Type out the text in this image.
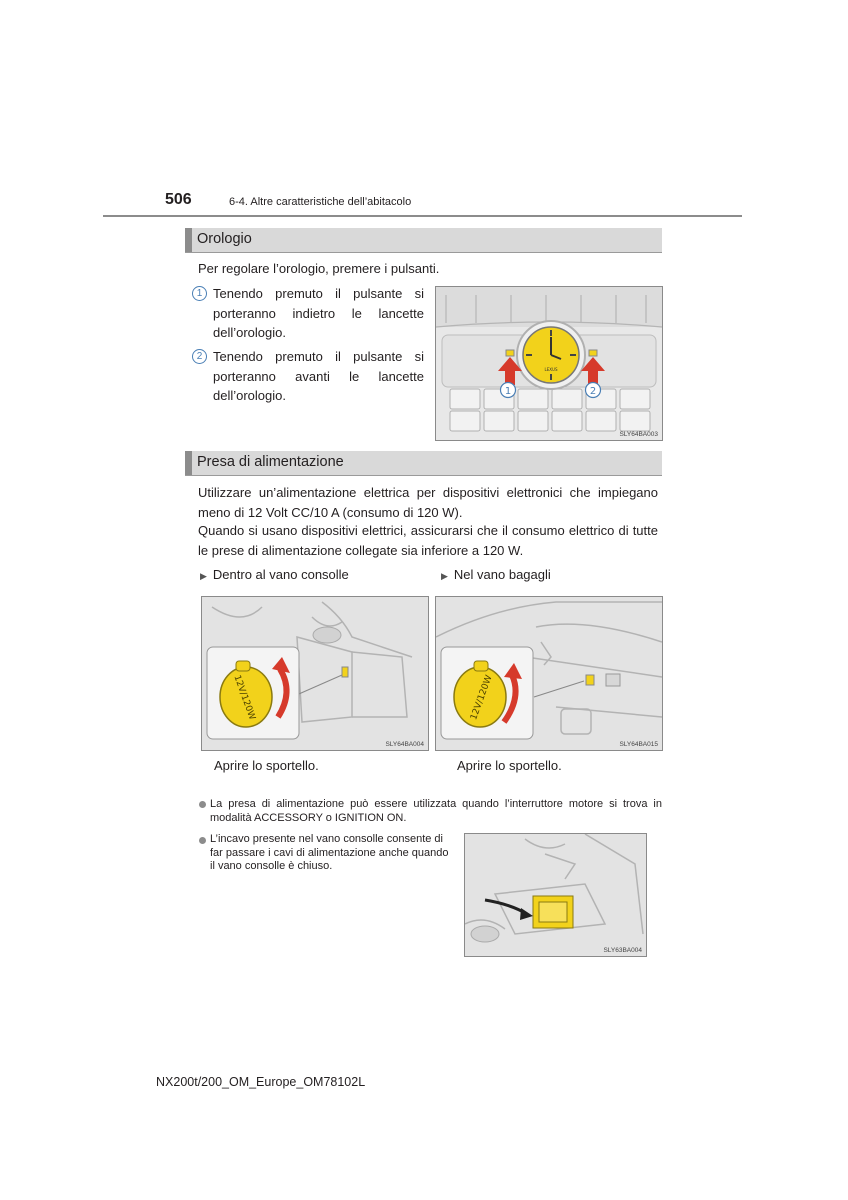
506	6-4. Altre caratteristiche dell’abitacolo
Orologio
Per regolare l’orologio, premere i pulsanti.
1 Tenendo premuto il pulsante si porteranno indietro le lancette dell’orologio.
2 Tenendo premuto il pulsante si porteranno avanti le lancette dell’orologio.
LEXUS
1	2
SLY64BA003
Presa di alimentazione
Utilizzare un’alimentazione elettrica per dispositivi elettronici che impiegano meno di 12 Volt CC/10 A (consumo di 120 W).
Quando si usano dispositivi elettrici, assicurarsi che il consumo elettrico di tutte le prese di alimentazione collegate sia inferiore a 120 W.
▶ Dentro al vano consolle	▶ Nel vano bagagli
12V/120W
SLY64BA004
12V/120W
SLY64BA015
Aprire lo sportello.	Aprire lo sportello.
La presa di alimentazione può essere utilizzata quando l’interruttore motore si trova in modalità ACCESSORY o IGNITION ON.
L’incavo presente nel vano consolle consente di far passare i cavi di alimentazione anche quando il vano consolle è chiuso.
SLY63BA004
NX200t/200_OM_Europe_OM78102L
